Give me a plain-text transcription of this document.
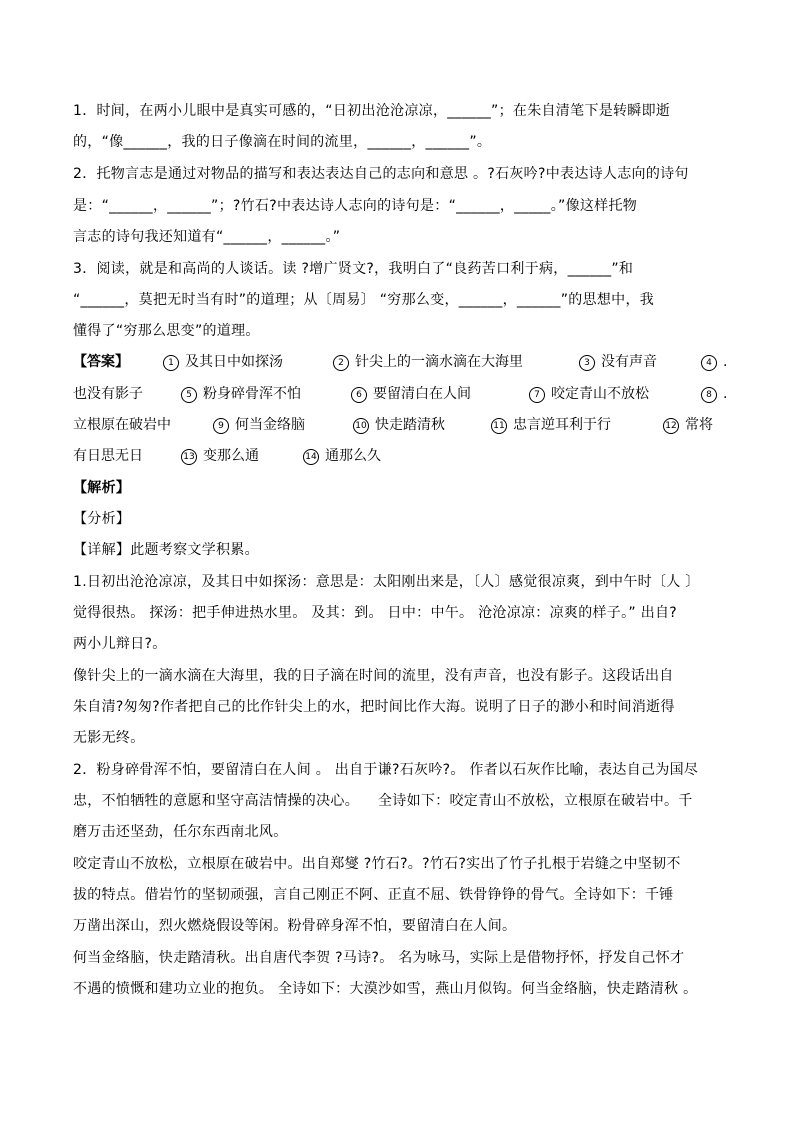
1．时间，在两小儿眼中是真实可感的，“日初出沧沧凉凉，______”；在朱自清笔下是转瞬即逝
的，“像______，我的日子像滴在时间的流里，______，______”。
2．托物言志是通过对物品的描写和表达表达自己的志向和意思 。?石灰吟?中表达诗人志向的诗句
是：“______，______”；?竹石?中表达诗人志向的诗句是：“______，_____。”像这样托物
言志的诗句我还知道有“______，______。”
3．阅读，就是和高尚的人谈话。读 ?增广贤文?，我明白了“良药苦口利于病，______”和
“______，莫把无时当有时”的道理；从〔周易〕 “穷那么变，______，______”的思想中，我
懂得了“穷那么思变”的道理。

【答案】

	1 及其日中如探汤

	2 针尖上的一滴水滴在大海里

	3 没有声音

	4 .

也没有影子

	5 粉身碎骨浑不怕

	6 要留清白在人间

	7 咬定青山不放松

	8 .

立根原在破岩中

	9 何当金络脑

	10 快走踏清秋

	11 忠言逆耳利于行

	12 常将

有日思无日

	13 变那么通

	14 通那么久

【解析】
【分析】
【详解】此题考察文学积累。
1.日初出沧沧凉凉，及其日中如探汤：意思是：太阳刚出来是，〔人〕感觉很凉爽，到中午时〔人 〕
觉得很热。 探汤：把手伸进热水里。 及其：到。 日中：中午。 沧沧凉凉：凉爽的样子。” 出自?
两小儿辩日?。
像针尖上的一滴水滴在大海里，我的日子滴在时间的流里，没有声音，也没有影子。这段话出自
朱自清?匆匆?作者把自己的比作针尖上的水，把时间比作大海。说明了日子的渺小和时间消逝得
无影无终。
2．粉身碎骨浑不怕，要留清白在人间 。 出自于谦?石灰吟?。 作者以石灰作比喻，表达自己为国尽
忠，不怕牺牲的意愿和坚守高洁情操的决心。    全诗如下：咬定青山不放松，立根原在破岩中。千
磨万击还坚劲，任尔东西南北风。
咬定青山不放松，立根原在破岩中。出自郑燮 ?竹石?。?竹石?实出了竹子扎根于岩缝之中坚韧不
拔的特点。借岩竹的坚韧顽强，言自己刚正不阿、正直不屈、铁骨铮铮的骨气。全诗如下：千锤
万凿出深山，烈火燃烧假设等闲。粉骨碎身浑不怕，要留清白在人间。
何当金络脑，快走踏清秋。出自唐代李贺 ?马诗?。 名为咏马，实际上是借物抒怀，抒发自己怀才
不遇的愤慨和建功立业的抱负。 全诗如下：大漠沙如雪，燕山月似钩。何当金络脑，快走踏清秋 。
